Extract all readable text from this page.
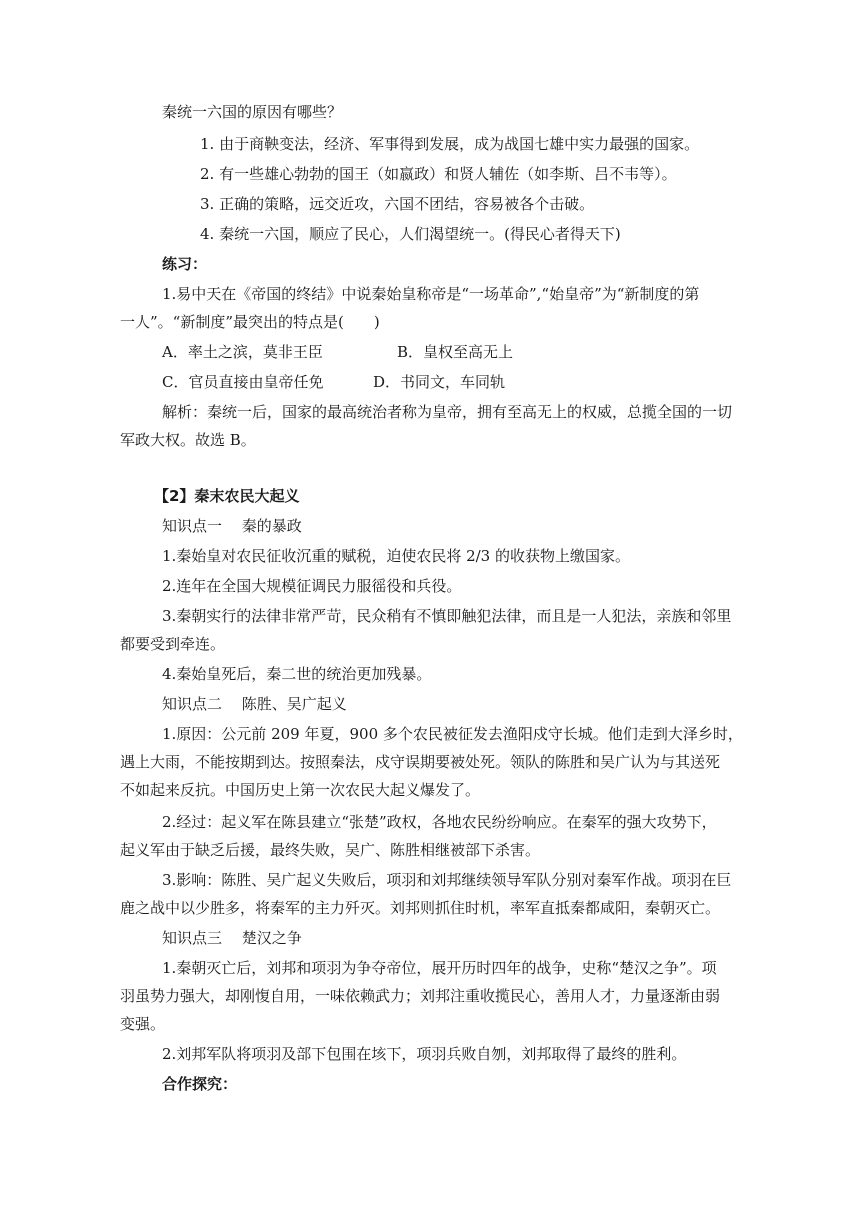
秦统一六国的原因有哪些？
1. 由于商鞅变法，经济、军事得到发展，成为战国七雄中实力最强的国家。
2. 有一些雄心勃勃的国王（如嬴政）和贤人辅佐（如李斯、吕不韦等）。
3. 正确的策略，远交近攻，六国不团结，容易被各个击破。
4. 秦统一六国，顺应了民心，人们渴望统一。(得民心者得天下)
练习：
1.易中天在《帝国的终结》中说秦始皇称帝是“一场革命”,“始皇帝”为“新制度的第
一人”。“新制度”最突出的特点是(　　)
A．率土之滨，莫非王臣	B．皇权至高无上
C．官员直接由皇帝任免	D．书同文，车同轨
解析：秦统一后，国家的最高统治者称为皇帝，拥有至高无上的权威，总揽全国的一切
军政大权。故选 B。
【2】秦末农民大起义
知识点一　 秦的暴政
1.秦始皇对农民征收沉重的赋税，迫使农民将 2/3 的收获物上缴国家。
2.连年在全国大规模征调民力服徭役和兵役。
3.秦朝实行的法律非常严苛，民众稍有不慎即触犯法律，而且是一人犯法，亲族和邻里
都要受到牵连。
4.秦始皇死后，秦二世的统治更加残暴。
知识点二　 陈胜、吴广起义
1.原因：公元前 209 年夏，900 多个农民被征发去渔阳戍守长城。他们走到大泽乡时，
遇上大雨，不能按期到达。按照秦法，戍守误期要被处死。领队的陈胜和吴广认为与其送死
不如起来反抗。中国历史上第一次农民大起义爆发了。
2.经过：起义军在陈县建立“张楚”政权，各地农民纷纷响应。在秦军的强大攻势下，
起义军由于缺乏后援，最终失败，吴广、陈胜相继被部下杀害。
3.影响：陈胜、吴广起义失败后，项羽和刘邦继续领导军队分别对秦军作战。项羽在巨
鹿之战中以少胜多，将秦军的主力歼灭。刘邦则抓住时机，率军直抵秦都咸阳，秦朝灭亡。
知识点三　 楚汉之争
1.秦朝灭亡后，刘邦和项羽为争夺帝位，展开历时四年的战争，史称“楚汉之争”。项
羽虽势力强大，却刚愎自用，一味依赖武力；刘邦注重收揽民心，善用人才，力量逐渐由弱
变强。
2.刘邦军队将项羽及部下包围在垓下，项羽兵败自刎，刘邦取得了最终的胜利。
合作探究：
